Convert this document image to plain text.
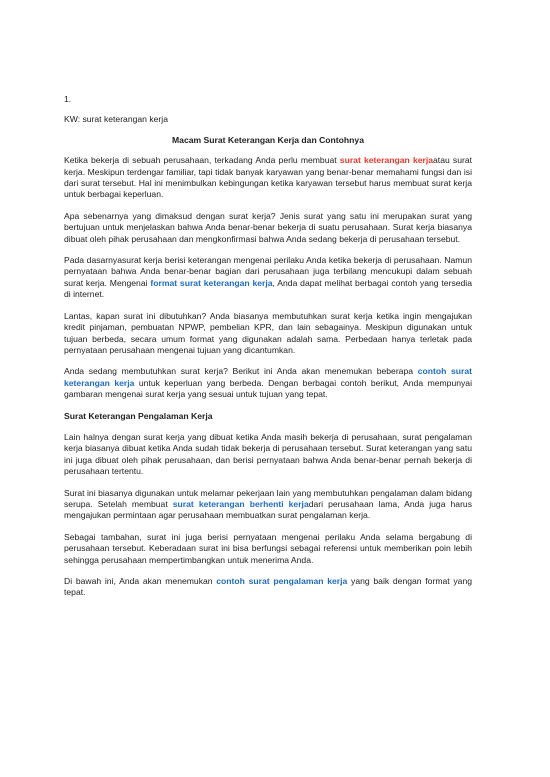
1.
KW: surat keterangan kerja
Macam Surat Keterangan Kerja dan Contohnya

Ketika bekerja di sebuah perusahaan, terkadang Anda perlu membuat surat keterangan kerjaatau surat kerja. Meskipun terdengar familiar, tapi tidak banyak karyawan yang benar-benar memahami fungsi dan isi dari surat tersebut. Hal ini menimbulkan kebingungan ketika karyawan tersebut harus membuat surat kerja untuk berbagai keperluan.

Apa sebenarnya yang dimaksud dengan surat kerja? Jenis surat yang satu ini merupakan surat yang bertujuan untuk menjelaskan bahwa Anda benar-benar bekerja di suatu perusahaan. Surat kerja biasanya dibuat oleh pihak perusahaan dan mengkonfirmasi bahwa Anda sedang bekerja di perusahaan tersebut.

Pada dasarnyasurat kerja berisi keterangan mengenai perilaku Anda ketika bekerja di perusahaan. Namun pernyataan bahwa Anda benar-benar bagian dari perusahaan juga terbilang mencukupi dalam sebuah surat kerja. Mengenai format surat keterangan kerja, Anda dapat melihat berbagai contoh yang tersedia di internet.

Lantas, kapan surat ini dibutuhkan? Anda biasanya membutuhkan surat kerja ketika ingin mengajukan kredit pinjaman, pembuatan NPWP, pembelian KPR, dan lain sebagainya. Meskipun digunakan untuk tujuan berbeda, secara umum format yang digunakan adalah sama. Perbedaan hanya terletak pada pernyataan perusahaan mengenai tujuan yang dicantumkan.

Anda sedang membutuhkan surat kerja? Berikut ini Anda akan menemukan beberapa contoh surat keterangan kerja untuk keperluan yang berbeda. Dengan berbagai contoh berikut, Anda mempunyai gambaran mengenai surat kerja yang sesuai untuk tujuan yang tepat.

Surat Keterangan Pengalaman Kerja

Lain halnya dengan surat kerja yang dibuat ketika Anda masih bekerja di perusahaan, surat pengalaman kerja biasanya dibuat ketika Anda sudah tidak bekerja di perusahaan tersebut. Surat keterangan yang satu ini juga dibuat oleh pihak perusahaan, dan berisi pernyataan bahwa Anda benar-benar pernah bekerja di perusahaan tertentu.

Surat ini biasanya digunakan untuk melamar pekerjaan lain yang membutuhkan pengalaman dalam bidang serupa. Setelah membuat surat keterangan berhenti kerjadari perusahaan lama, Anda juga harus mengajukan permintaan agar perusahaan membuatkan surat pengalaman kerja.

Sebagai tambahan, surat ini juga berisi pernyataan mengenai perilaku Anda selama bergabung di perusahaan tersebut. Keberadaan surat ini bisa berfungsi sebagai referensi untuk memberikan poin lebih sehingga perusahaan mempertimbangkan untuk menerima Anda.

Di bawah ini, Anda akan menemukan contoh surat pengalaman kerja yang baik dengan format yang tepat.
